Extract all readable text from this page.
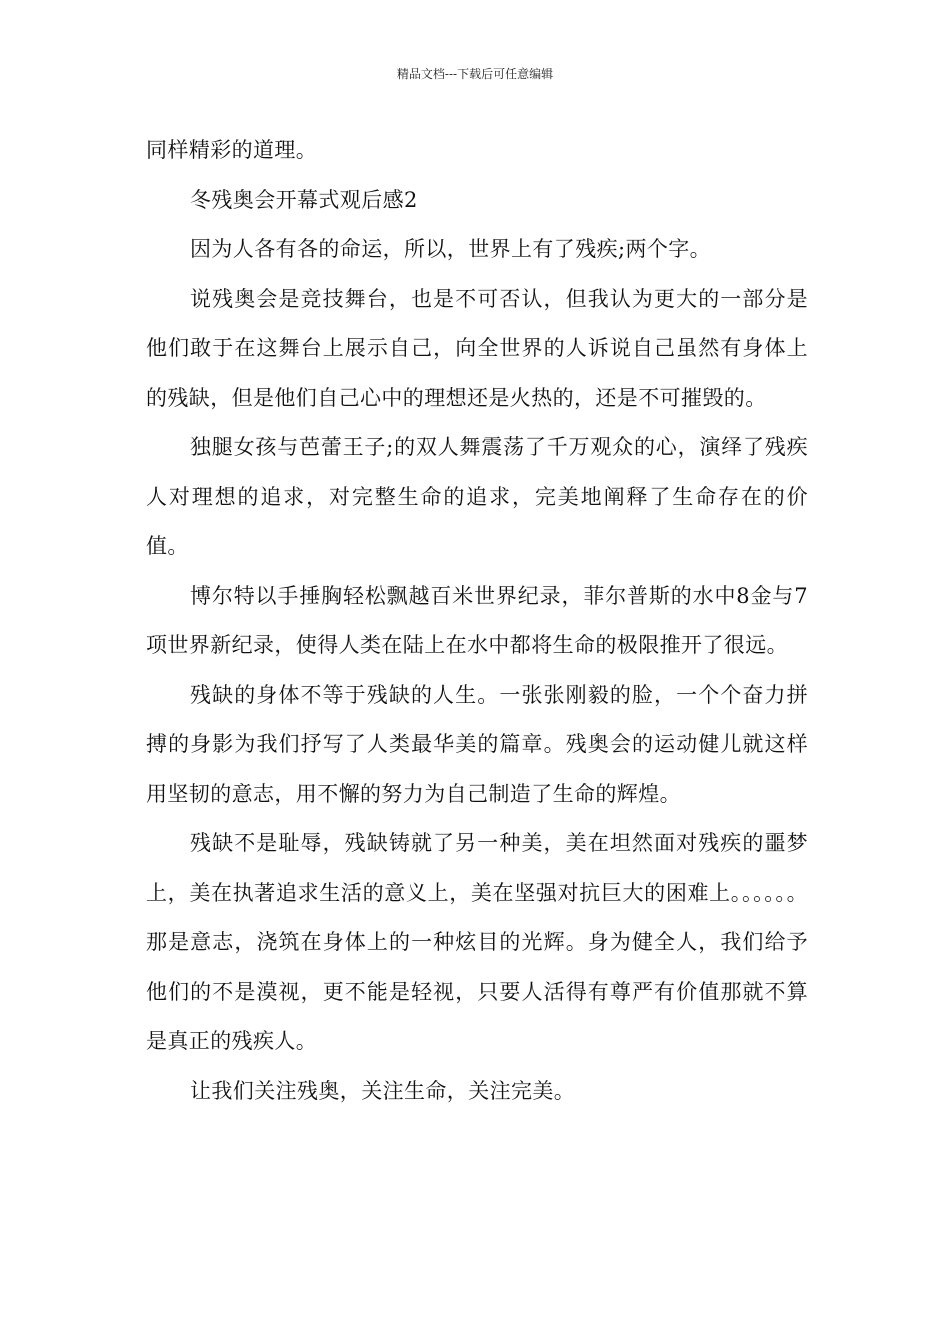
精品文档---下载后可任意编辑

同样精彩的道理。

冬残奥会开幕式观后感2

因为人各有各的命运，所以，世界上有了残疾;两个字。

说残奥会是竞技舞台，也是不可否认，但我认为更大的一部分是他们敢于在这舞台上展示自己，向全世界的人诉说自己虽然有身体上的残缺，但是他们自己心中的理想还是火热的，还是不可摧毁的。

独腿女孩与芭蕾王子;的双人舞震荡了千万观众的心，演绎了残疾人对理想的追求，对完整生命的追求，完美地阐释了生命存在的价值。

博尔特以手捶胸轻松飘越百米世界纪录，菲尔普斯的水中8金与7项世界新纪录，使得人类在陆上在水中都将生命的极限推开了很远。

残缺的身体不等于残缺的人生。一张张刚毅的脸，一个个奋力拼搏的身影为我们抒写了人类最华美的篇章。残奥会的运动健儿就这样用坚韧的意志，用不懈的努力为自己制造了生命的辉煌。

残缺不是耻辱，残缺铸就了另一种美，美在坦然面对残疾的噩梦上，美在执著追求生活的意义上，美在坚强对抗巨大的困难上。。。。。。那是意志，浇筑在身体上的一种炫目的光辉。身为健全人，我们给予他们的不是漠视，更不能是轻视，只要人活得有尊严有价值那就不算是真正的残疾人。

让我们关注残奥，关注生命，关注完美。
